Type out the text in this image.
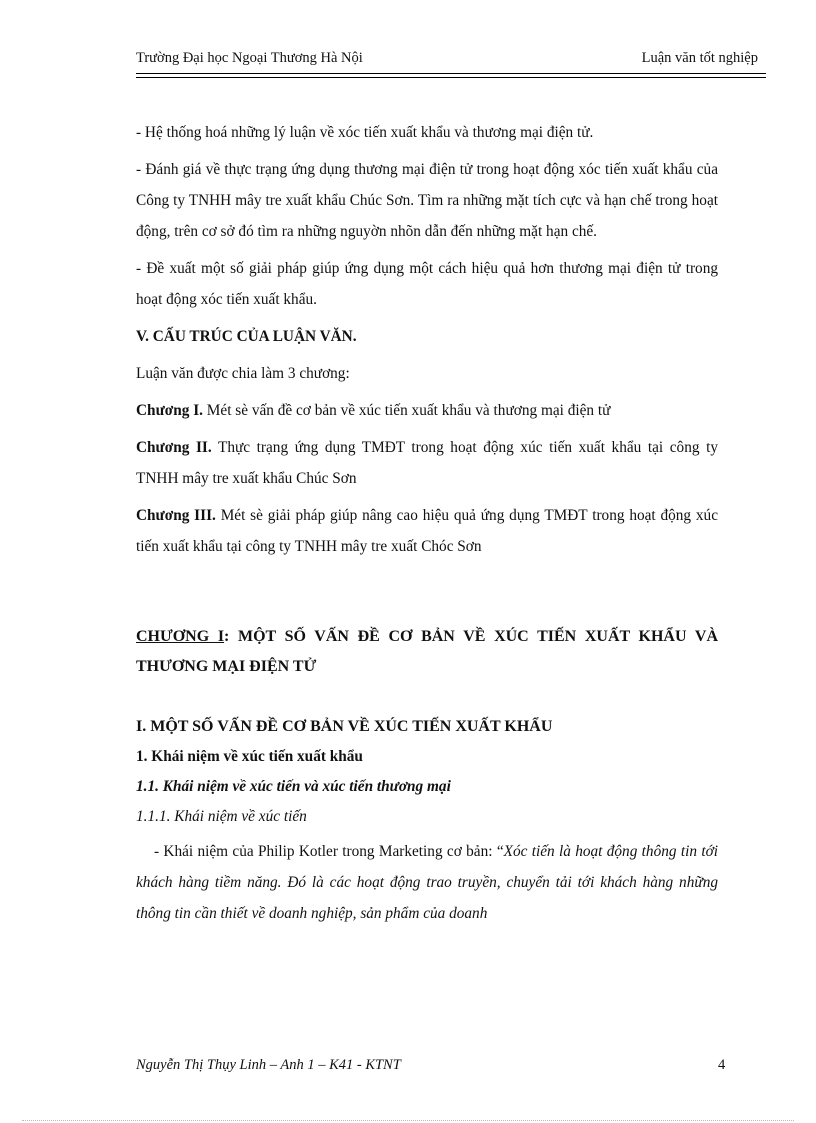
Trường Đại học Ngoại Thương Hà Nội	Luận văn tốt nghiệp

- Hệ thống hoá những lý luận về xóc tiến xuất khẩu và thương mại điện tử.

- Đánh giá về thực trạng ứng dụng thương mại điện tử trong hoạt động xóc tiến xuất khẩu của Công ty TNHH mây tre xuất khẩu Chúc Sơn. Tìm ra những mặt tích cực và hạn chế trong hoạt động, trên cơ sở đó tìm ra những nguyờn nhõn dẫn đến những mặt hạn chế.

- Đề xuất một số giải pháp giúp ứng dụng một cách hiệu quả hơn thương mại điện tử trong hoạt động xóc tiến xuất khẩu.

V. CẤU TRÚC CỦA LUẬN VĂN.

Luận văn được chia làm 3 chương:

Chương I. Mét sè vấn đề cơ bản về xúc tiến xuất khẩu và thương mại điện tử

Chương II. Thực trạng ứng dụng TMĐT trong hoạt động xúc tiến xuất khẩu tại công ty TNHH mây tre xuất khẩu Chúc Sơn

Chương III. Mét sè giải pháp giúp nâng cao hiệu quả ứng dụng TMĐT trong hoạt động xúc tiến xuất khẩu tại công ty TNHH mây tre xuất Chóc Sơn

CHƯƠNG I: MỘT SỐ VẤN ĐỀ CƠ BẢN VỀ XÚC TIẾN XUẤT KHẨU VÀ THƯƠNG MẠI ĐIỆN TỬ

I. MỘT SỐ VẤN ĐỀ CƠ BẢN VỀ XÚC TIẾN XUẤT KHẨU

1. Khái niệm về xúc tiến xuất khẩu

1.1. Khái niệm về xúc tiến và xúc tiến thương mại

1.1.1. Khái niệm về xúc tiến

- Khái niệm của Philip Kotler trong Marketing cơ bản: “Xóc tiến là hoạt động thông tin tới khách hàng tiềm năng. Đó là các hoạt động trao truyền, chuyển tải tới khách hàng những thông tin cần thiết về doanh nghiệp, sản phẩm của doanh

Nguyễn Thị Thụy Linh – Anh 1 – K41 - KTNT	4
